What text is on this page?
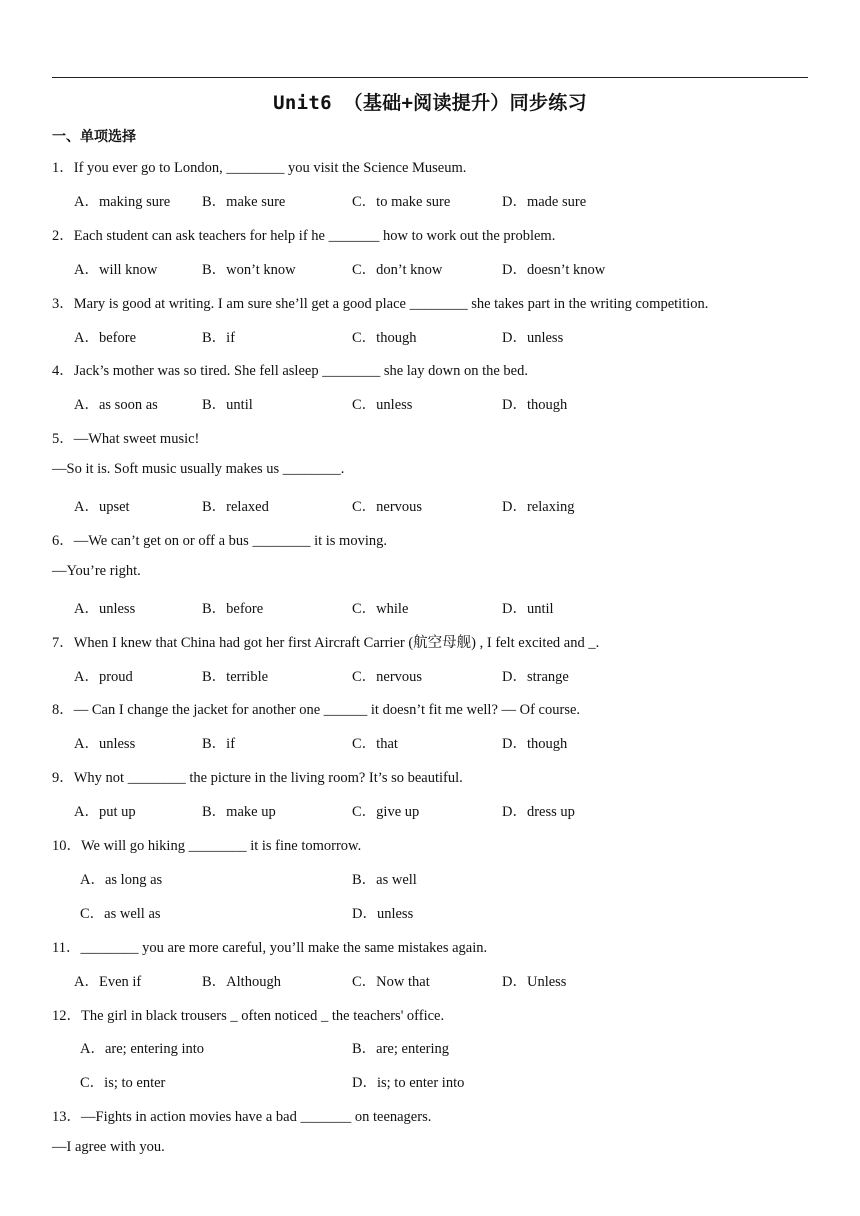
Unit6 （基础+阅读提升）同步练习
一、单项选择
1．If you ever go to London, ________ you visit the Science Museum.
A．making sure B．make sure	C．to make sure	D．made sure
2．Each student can ask teachers for help if he _______ how to work out the problem.
A．will know	B．won’t know	C．don’t know	D．doesn’t know
3．Mary is good at writing. I am sure she’ll get a good place ________ she takes part in the writing competition.
A．before	B．if	C．though	D．unless
4．Jack’s mother was so tired. She fell asleep ________ she lay down on the bed.
A．as soon as	B．until	C．unless	D．though
5．—What sweet music!
—So it is. Soft music usually makes us ________.
A．upset	B．relaxed	C．nervous	D．relaxing
6．—We can’t get on or off a bus ________ it is moving.
—You’re right.
A．unless	B．before	C．while	D．until
7．When I knew that China had got her first Aircraft Carrier (航空母舰) , I felt excited and _.
A．proud	B．terrible	C．nervous	D．strange
8．— Can I change the jacket for another one ______ it doesn’t fit me well? — Of course.
A．unless	B．if	C．that	D．though
9．Why not ________ the picture in the living room? It’s so beautiful.
A．put up	B．make up	C．give up	D．dress up
10．We will go hiking ________ it is fine tomorrow.
A．as long as	B．as well
C．as well as	D．unless
11．________ you are more careful, you’ll make the same mistakes again.
A．Even if	B．Although	C．Now that	D．Unless
12．The girl in black trousers _ often noticed _ the teachers' office.
A．are; entering into	B．are; entering
C．is; to enter	D．is; to enter into
13．—Fights in action movies have a bad _______ on teenagers.
—I agree with you.
